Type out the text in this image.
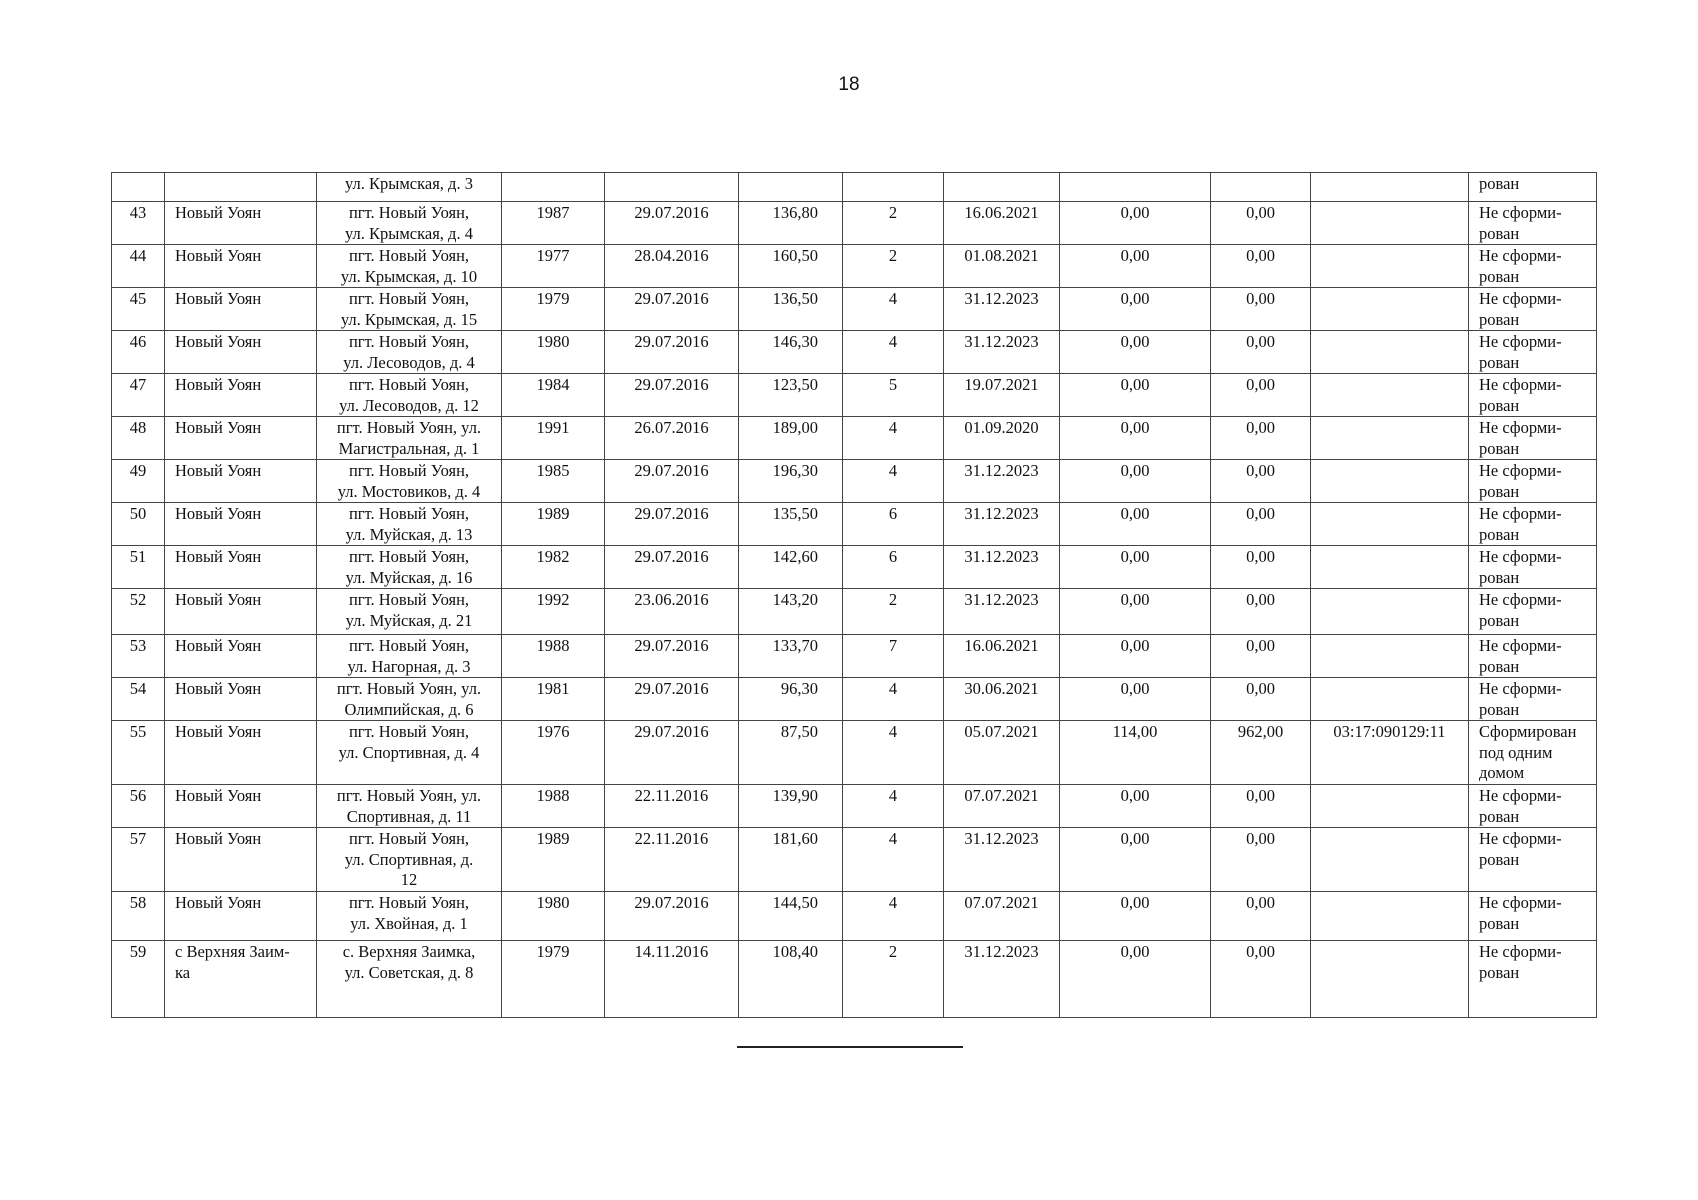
18
		ул. Крымская, д. 3									рован
43	Новый Уоян	пгт. Новый Уоян,
ул. Крымская, д. 4	1987	29.07.2016	136,80	2	16.06.2021	0,00	0,00		Не сформи-
рован
44	Новый Уоян	пгт. Новый Уоян,
ул. Крымская, д. 10	1977	28.04.2016	160,50	2	01.08.2021	0,00	0,00		Не сформи-
рован
45	Новый Уоян	пгт. Новый Уоян,
ул. Крымская, д. 15	1979	29.07.2016	136,50	4	31.12.2023	0,00	0,00		Не сформи-
рован
46	Новый Уоян	пгт. Новый Уоян,
ул. Лесоводов, д. 4	1980	29.07.2016	146,30	4	31.12.2023	0,00	0,00		Не сформи-
рован
47	Новый Уоян	пгт. Новый Уоян,
ул. Лесоводов, д. 12	1984	29.07.2016	123,50	5	19.07.2021	0,00	0,00		Не сформи-
рован
48	Новый Уоян	пгт. Новый Уоян, ул.
Магистральная, д. 1	1991	26.07.2016	189,00	4	01.09.2020	0,00	0,00		Не сформи-
рован
49	Новый Уоян	пгт. Новый Уоян,
ул. Мостовиков, д. 4	1985	29.07.2016	196,30	4	31.12.2023	0,00	0,00		Не сформи-
рован
50	Новый Уоян	пгт. Новый Уоян,
ул. Муйская, д. 13	1989	29.07.2016	135,50	6	31.12.2023	0,00	0,00		Не сформи-
рован
51	Новый Уоян	пгт. Новый Уоян,
ул. Муйская, д. 16	1982	29.07.2016	142,60	6	31.12.2023	0,00	0,00		Не сформи-
рован
52	Новый Уоян	пгт. Новый Уоян,
ул. Муйская, д. 21	1992	23.06.2016	143,20	2	31.12.2023	0,00	0,00		Не сформи-
рован
53	Новый Уоян	пгт. Новый Уоян,
ул. Нагорная, д. 3	1988	29.07.2016	133,70	7	16.06.2021	0,00	0,00		Не сформи-
рован
54	Новый Уоян	пгт. Новый Уоян, ул.
Олимпийская, д. 6	1981	29.07.2016	96,30	4	30.06.2021	0,00	0,00		Не сформи-
рован
55	Новый Уоян	пгт. Новый Уоян,
ул. Спортивная, д. 4	1976	29.07.2016	87,50	4	05.07.2021	114,00	962,00	03:17:090129:11	Сформирован
под одним
домом
56	Новый Уоян	пгт. Новый Уоян, ул.
Спортивная, д. 11	1988	22.11.2016	139,90	4	07.07.2021	0,00	0,00		Не сформи-
рован
57	Новый Уоян	пгт. Новый Уоян,
ул. Спортивная, д.
12	1989	22.11.2016	181,60	4	31.12.2023	0,00	0,00		Не сформи-
рован
58	Новый Уоян	пгт. Новый Уоян,
ул. Хвойная, д. 1	1980	29.07.2016	144,50	4	07.07.2021	0,00	0,00		Не сформи-
рован
59	с Верхняя Заим-
ка	с. Верхняя Заимка,
ул. Советская, д. 8	1979	14.11.2016	108,40	2	31.12.2023	0,00	0,00		Не сформи-
рован
